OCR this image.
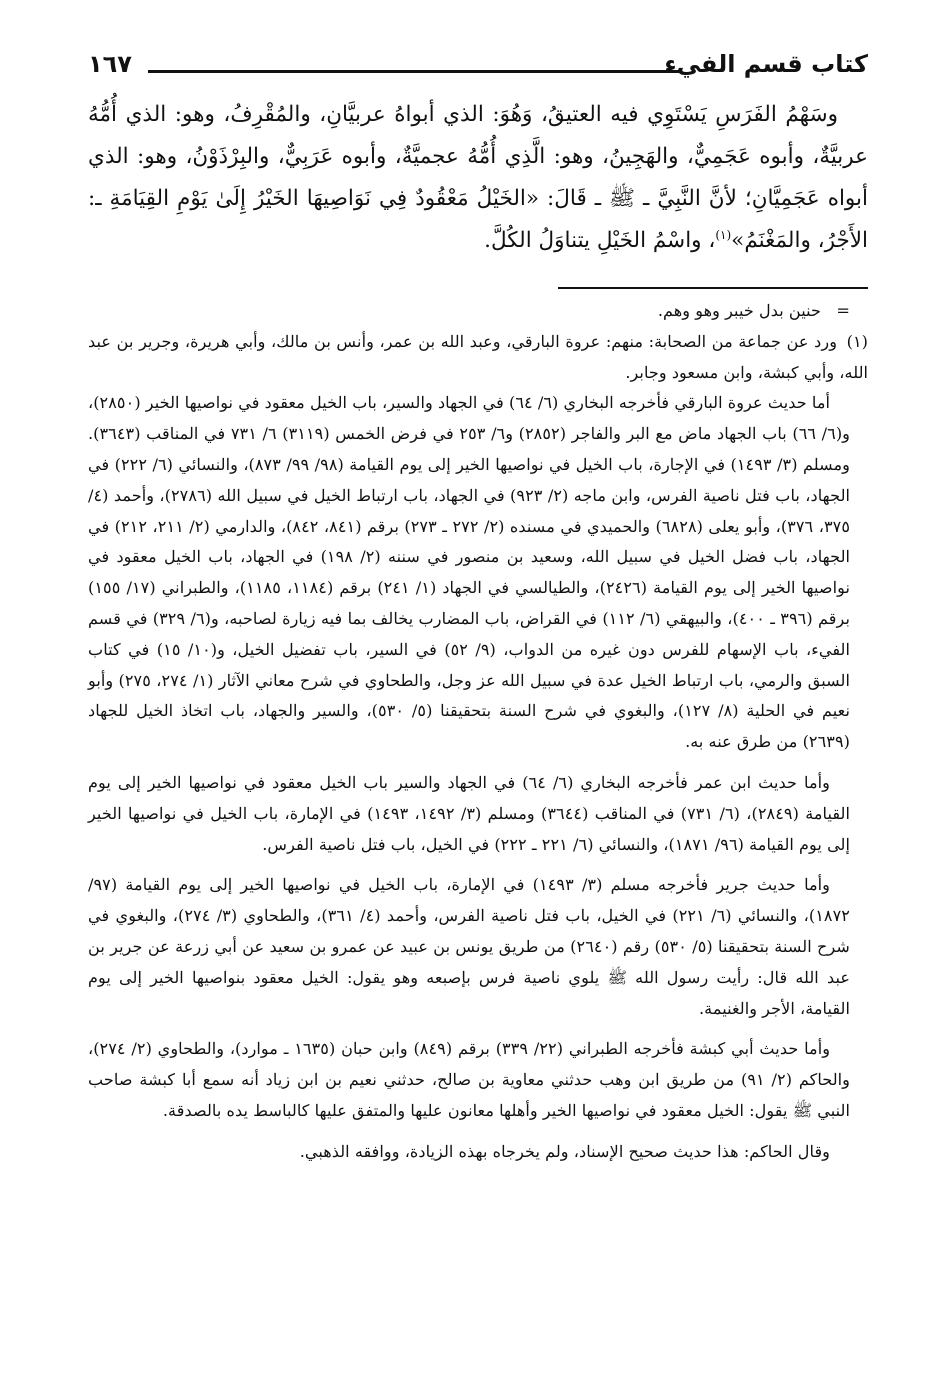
كتاب قسم الفيء
١٦٧

وسَهْمُ الفَرَسِ يَسْتَوِي فيه العتيقُ، وَهُوَ: الذي أبواهُ عربيَّانِ، والمُقْرِفُ، وهو: الذي أُمُّهُ عربيَّةٌ، وأبوه عَجَمِيٌّ، والهَجِينُ، وهو: الَّذِي أُمُّهُ عجميَّةٌ، وأبوه عَرَبِيٌّ، والبِرْذَوْنُ، وهو: الذي أبواه عَجَمِيَّانِ؛ لأنَّ النَّبِيَّ ـ ﷺ ـ قَالَ: «الخَيْلُ مَعْقُودٌ فِي نَوَاصِيهَا الخَيْرُ إِلَىٰ يَوْمِ القِيَامَةِ ـ: الأَجْرُ، والمَغْنَمُ»$^{(١)}$، واسْمُ الخَيْلِ يتناوَلُ الكُلَّ.

=   حنين بدل خيبر وهو وهم.

(١) ورد عن جماعة من الصحابة: منهم: عروة البارقي، وعبد الله بن عمر، وأنس بن مالك، وأبي هريرة، وجرير بن عبد الله، وأبي كبشة، وابن مسعود وجابر.

أما حديث عروة البارقي فأخرجه البخاري (٦/ ٦٤) في الجهاد والسير، باب الخيل معقود في نواصيها الخير (٢٨٥٠)، و(٦/ ٦٦) باب الجهاد ماض مع البر والفاجر (٢٨٥٢) و٦/ ٢٥٣ في فرض الخمس (٣١١٩) ٦/ ٧٣١ في المناقب (٣٦٤٣). ومسلم (٣/ ١٤٩٣) في الإجارة، باب الخيل في نواصيها الخير إلى يوم القيامة (٩٨/ ٩٩/ ٨٧٣)، والنسائي (٦/ ٢٢٢) في الجهاد، باب فتل ناصية الفرس، وابن ماجه (٢/ ٩٢٣) في الجهاد، باب ارتباط الخيل في سبيل الله (٢٧٨٦)، وأحمد (٤/ ٣٧٥، ٣٧٦)، وأبو يعلى (٦٨٢٨) والحميدي في مسنده (٢/ ٢٧٢ ـ ٢٧٣) برقم (٨٤١، ٨٤٢)، والدارمي (٢/ ٢١١، ٢١٢) في الجهاد، باب فضل الخيل في سبيل الله، وسعيد بن منصور في سننه (٢/ ١٩٨) في الجهاد، باب الخيل معقود في نواصيها الخير إلى يوم القيامة (٢٤٢٦)، والطيالسي في الجهاد (١/ ٢٤١) برقم (١١٨٤، ١١٨٥)، والطبراني (١٧/ ١٥٥) برقم (٣٩٦ ـ ٤٠٠)، والبيهقي (٦/ ١١٢) في القراض، باب المضارب يخالف بما فيه زيارة لصاحبه، و(٦/ ٣٢٩) في قسم الفيء، باب الإسهام للفرس دون غيره من الدواب، (٩/ ٥٢) في السير، باب تفضيل الخيل، و(١٠/ ١٥) في كتاب السبق والرمي، باب ارتباط الخيل عدة في سبيل الله عز وجل، والطحاوي في شرح معاني الآثار (١/ ٢٧٤، ٢٧٥) وأبو نعيم في الحلية (٨/ ١٢٧)، والبغوي في شرح السنة بتحقيقنا (٥/ ٥٣٠)، والسير والجهاد، باب اتخاذ الخيل للجهاد (٢٦٣٩) من طرق عنه به.

وأما حديث ابن عمر فأخرجه البخاري (٦/ ٦٤) في الجهاد والسير باب الخيل معقود في نواصيها الخير إلى يوم القيامة (٢٨٤٩)، (٦/ ٧٣١) في المناقب (٣٦٤٤) ومسلم (٣/ ١٤٩٢، ١٤٩٣) في الإمارة، باب الخيل في نواصيها الخير إلى يوم القيامة (٩٦/ ١٨٧١)، والنسائي (٦/ ٢٢١ ـ ٢٢٢) في الخيل، باب فتل ناصية الفرس.

وأما حديث جرير فأخرجه مسلم (٣/ ١٤٩٣) في الإمارة، باب الخيل في نواصيها الخير إلى يوم القيامة (٩٧/ ١٨٧٢)، والنسائي (٦/ ٢٢١) في الخيل، باب فتل ناصية الفرس، وأحمد (٤/ ٣٦١)، والطحاوي (٣/ ٢٧٤)، والبغوي في شرح السنة بتحقيقنا (٥/ ٥٣٠) رقم (٢٦٤٠) من طريق يونس بن عبيد عن عمرو بن سعيد عن أبي زرعة عن جرير بن عبد الله قال: رأيت رسول الله ﷺ يلوي ناصية فرس بإصبعه وهو يقول: الخيل معقود بنواصيها الخير إلى يوم القيامة، الأجر والغنيمة.

وأما حديث أبي كبشة فأخرجه الطبراني (٢٢/ ٣٣٩) برقم (٨٤٩) وابن حبان (١٦٣٥ ـ موارد)، والطحاوي (٢/ ٢٧٤)، والحاكم (٢/ ٩١) من طريق ابن وهب حدثني معاوية بن صالح، حدثني نعيم بن ابن زياد أنه سمع أبا كبشة صاحب النبي ﷺ يقول: الخيل معقود في نواصيها الخير وأهلها معانون عليها والمتفق عليها كالباسط يده بالصدقة.

وقال الحاكم: هذا حديث صحيح الإسناد، ولم يخرجاه بهذه الزيادة، ووافقه الذهبي.
